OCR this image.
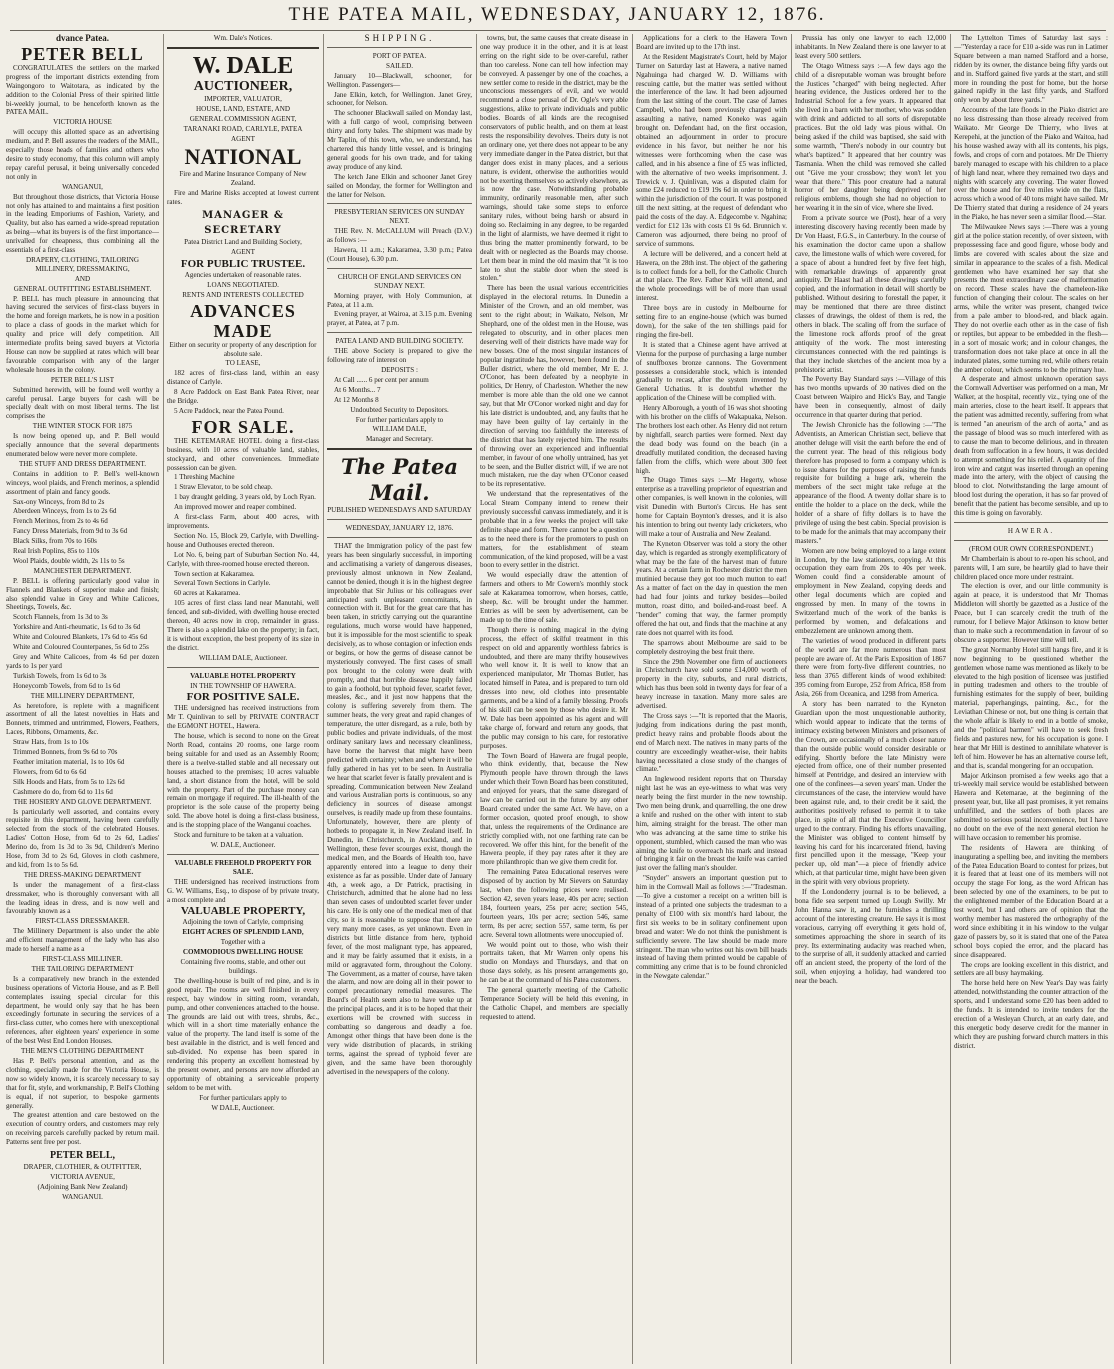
THE PATEA MAIL, WEDNESDAY, JANUARY 12, 1876.

dvance Patea.

PETER BELL

CONGRATULATES the settlers on the marked progress of the important districts extending from Waingongoro to Waitotara, as indicated by the addition to the Colonial Press of their spirited little bi-weekly journal, to be henceforth known as the PATEA MAIL.

VICTORIA HOUSE

will occupy this allotted space as an advertising medium, and P. Bell assures the readers of the MAIL, especially those heads of families and others who desire to study economy, that this column will amply repay careful perusal, it being universally conceded not only in

WANGANUI,

But throughout those districts, that Victoria House not only has attained to and maintains a first position in the leading Emporiums of Fashion, Variety, and Quality, but also has earned a wide-spread reputation as being—what its buyers is of the first importance—unrivalled for cheapness, thus combining all the essentials of a first-class

DRAPERY, CLOTHING, TAILORING MILLINERY, DRESSMAKING,

AND

GENERAL OUTFITTING ESTABLISHMENT.

P. BELL has much pleasure in announcing that having secured the services of first-class buyers in the home and foreign markets, he is now in a position to place a class of goods in the market which for quality and price will defy competition. All intermediate profits being saved buyers at Victoria House can now be supplied at rates which will bear favourable comparison with any of the larger wholesale houses in the colony.

PETER BELL'S LIST

Submitted herewith, will be found well worthy a careful perusal. Large buyers for cash will be specially dealt with on most liberal terms. The list comprises the

THE WINTER STOCK FOR 1875

Is now being opened up, and P. Bell would specially announce that the several departments enumerated below were never more complete.

THE STUFF AND DRESS DEPARTMENT.

Contains in addition to P. Bell's well-known winceys, wool plaids, and French merinos, a splendid assortment of plain and fancy goods.

Sax-ony Winceys, from 8d to 2s

Aberdeen Winceys, from 1s to 2s 6d

French Merinos, from 2s to 4s 6d

Fancy Dress Materials, from 9d to 3s 6d

Black Silks, from 70s to 160s

Real Irish Poplins, 85s to 110s

Wool Plaids, double width, 2s 11s to 5s

MANCHESTER DEPARTMENT.

P. BELL is offering particularly good value in Flannels and Blankets of superior make and finish; also splendid value in Grey and White Calicoes, Sheetings, Towels, &c.

Scotch Flannels, from 1s 3d to 3s

Yorkshire and Anti-rheumatic, 1s 6d to 3s 6d

White and Coloured Blankets, 17s 6d to 45s 6d

White and Coloured Counterpanes, 5s 6d to 25s

Grey and White Calicoes, from 4s 6d per dozen yards to 1s per yard

Turkish Towels, from 1s 6d to 3s

Honeycomb Towels, from 6d to 1s 6d

THE MILLINERY DEPARTMENT,

As heretofore, is replete with a magnificent assortment of all the latest novelties in Hats and Bonnets, trimmed and untrimmed, Flowers, Feathers, Laces, Ribbons, Ornaments, &c.

Straw Hats, from 1s to 10s

Trimmed Bonnets, from 9s 6d to 70s

Feather imitation material, 1s to 10s 6d

Flowers, from 6d to 6s 6d

Silk Hoods and Hats, from 5s to 12s 6d

Cashmere do do, from 6d to 11s 6d

THE HOSIERY AND GLOVE DEPARTMENT.

Is particularly well assorted, and contains every requisite in this department, having been carefully selected from the stock of the celebrated Houses. Ladies' Cotton Hose, from 6d to 2s 6d, Ladies' Merino do, from 1s 3d to 3s 9d, Children's Merino Hose, from 3d to 2s 6d, Gloves in cloth cashmere, and kid, from 1s to 5s 6d.

THE DRESS-MAKING DEPARTMENT

Is under the management of a first-class dressmaker, who is thoroughly conversant with all the leading ideas in dress, and is now well and favourably known as a

FIRST-CLASS DRESSMAKER.

The Millinery Department is also under the able and efficient management of the lady who has also made to herself a name as a

FIRST-CLASS MILLINER.

THE TAILORING DEPARTMENT

Is a comparatively new branch in the extended business operations of Victoria House, and as P. Bell contemplates issuing special circular for this department, he would only say that he has been exceedingly fortunate in securing the services of a first-class cutter, who comes here with unexceptional references, after eighteen years' experience in some of the best West End London Houses.

THE MEN'S CLOTHING DEPARTMENT

Has P. Bell's personal attention, and as the clothing, specially made for the Victoria House, is now so widely known, it is scarcely necessary to say that for fit, style, and workmanship, P. Bell's Clothing is equal, if not superior, to bespoke garments generally.

The greatest attention and care bestowed on the execution of country orders, and customers may rely on receiving parcels carefully packed by return mail. Patterns sent free per post.

PETER BELL,

DRAPER, CLOTHIER, & OUTFITTER,

VICTORIA AVENUE,

(Adjoining Bank New Zealand)

WANGANUI.

Wm. Dale's Notices.

W. DALE
AUCTIONEER,

IMPORTER, VALUATOR,

HOUSE, LAND, ESTATE, AND

GENERAL COMMISSION AGENT,

TARANAKI ROAD, CARLYLE, PATEA

AGENT

NATIONAL

Fire and Marine Insurance Company of New Zealand.

Fire and Marine Risks accepted at lowest current rates.

MANAGER & SECRETARY

Patea District Land and Building Society,

AGENT

FOR PUBLIC TRUSTEE.

Agencies undertaken of reasonable rates.

LOANS NEGOTIATED.

RENTS AND INTERESTS COLLECTED

ADVANCES MADE

Either on security or property of any description for absolute sale.

TO LEASE,

182 acres of first-class land, within an easy distance of Carlyle.

8 Acre Paddock on East Bank Patea River, near the Bridge.

5 Acre Paddock, near the Patea Pound.

FOR SALE.

THE KETEMARAE HOTEL doing a first-class business, with 10 acres of valuable land, stables, stockyard, and other conveniences. Immediate possession can be given.

1 Threshing Machine

1 Straw Elevator, to be sold cheap.

1 bay draught gelding, 3 years old, by Loch Ryan.

An improved mower and reaper combined.

A first-class Farm, about 400 acres, with improvements.

Section No. 15, Block 29, Carlyle, with Dwelling-house and Outhouses erected thereon.

Lot No. 6, being part of Suburban Section No. 44, Carlyle, with three-roomed house erected thereon.

Town section at Kakaramea.

Several Town Sections in Carlyle.

60 acres at Kakaramea.

105 acres of first class land near Manutahi, well fenced, and sub-divided, with dwelling house erected thereon, 40 acres now in crop, remainder in grass. There is also a splendid lake on the property; in fact, it is without exception, the best property of its size in the district.

WILLIAM DALE, Auctioneer.

VALUABLE HOTEL PROPERTY

IN THE TOWNSHIP OF HAWERA.

FOR POSITIVE SALE.

THE undersigned has received instructions from Mr T. Quinlivan to sell by PRIVATE CONTRACT the EGMONT HOTEL, Hawera.

The house, which is second to none on the Great North Road, contains 20 rooms, one large room being suitable for and used as an Assembly Room; there is a twelve-stalled stable and all necessary out houses attached to the premises; 10 acres valuable land, a short distance from the hotel, will be sold with the property. Part of the purchase money can remain on mortgage if required. The ill-health of the proprietor is the sole cause of the property being sold. The above hotel is doing a first-class business, and is the stopping place of the Wanganui coaches.

Stock and furniture to be taken at a valuation.

W. DALE, Auctioneer.

VALUABLE FREEHOLD PROPERTY FOR SALE.

THE undersigned has received instructions from G. W. Williams, Esq., to dispose of by private treaty, a most complete and

VALUABLE PROPERTY,

Adjoining the town of Carlyle, comprising

EIGHT ACRES OF SPLENDID LAND,

Together with a

COMMODIOUS DWELLING HOUSE

Containing five rooms, stable, and other out buildings.

The dwelling-house is built of red pine, and is in good repair. The rooms are well finished in every respect, bay window in sitting room, verandah, pump, and other conveniences attached to the house. The grounds are laid out with trees, shrubs, &c., which will in a short time materially enhance the value of the property. The land itself is some of the best available in the district, and is well fenced and sub-divided. No expense has been spared in rendering this property an excellent homestead by the present owner, and persons are now afforded an opportunity of obtaining a serviceable property seldom to be met with.

For further particulars apply to

W DALE, Auctioneer.

SHIPPING.

PORT OF PATEA.

SAILED.

January 10—Blackwall, schooner, for Wellington. Passengers—

Jane Elkin, ketch, for Wellington. Janet Grey, schooner, for Nelson.

The schooner Blackwall sailed on Monday last, with a full cargo of wool, comprising between thirty and forty bales. The shipment was made by Mr Taplin, of this town, who, we understand, has chartered this handy little vessel, and is bringing general goods for his own trade, and for taking away produce of any kind.

The ketch Jane Elkin and schooner Janet Grey sailed on Monday, the former for Wellington and the latter for Nelson.

PRESBYTERIAN SERVICES ON SUNDAY NEXT.

THE Rev. N. McCALLUM will Preach (D.V.) as follows :—

Hawera, 11 a.m.; Kakaramea, 3.30 p.m.; Patea (Court House), 6.30 p.m.

CHURCH OF ENGLAND SERVICES ON SUNDAY NEXT.

Morning prayer, with Holy Communion, at Patea, at 11 a.m.

Evening prayer, at Wairoa, at 3.15 p.m. Evening prayer, at Patea, at 7 p.m.

PATEA LAND AND BUILDING SOCIETY.

THE above Society is prepared to give the following rate of interest on

DEPOSITS :

At Call ...... 6 per cent per annum

At 6 Months... 7

At 12 Months 8

Undoubted Security to Depositors.

For further particulars apply to

WILLIAM DALE,

Manager and Secretary.

The Patea Mail.

PUBLISHED WEDNESDAYS AND SATURDAY

WEDNESDAY, JANUARY 12, 1876.

THAT the Immigration policy of the past few years has been singularly successful, in importing and acclimatising a variety of dangerous diseases, previously almost unknown in New Zealand, cannot be denied, though it is in the highest degree improbable that Sir Julius or his colleagues ever anticipated such unpleasant concomitants, in connection with it. But for the great care that has been taken, in strictly carrying out the quarantine regulations, much worse would have happened, but it is impossible for the most scientific to speak decisively, as to whose contagion or infection ends or begins, or how the germs of disease cannot be mysteriously conveyed. The first cases of small pox brought to the colony were dealt with promptly, and that horrible disease happily failed to gain a foothold, but typhoid fever, scarlet fever, measles, &c., and it just now happens that the colony is suffering severely from them. The summer heats, the very great and rapid changes of temperature, the utter disregard, as a rule, both by public bodies and private individuals, of the most ordinary sanitary laws and necessary cleanliness, have borne the harvest that might have been predicted with certainty; when and where it will be fully gathered in has yet to be seen. In Australia we hear that scarlet fever is fatally prevalent and is spreading. Communication between New Zealand and various Australian ports is continuous, so any deficiency in sources of disease amongst ourselves, is readily made up from these fountains. Unfortunately, however, there are plenty of hotbeds to propagate it, in New Zealand itself. In Dunedin, in Christchurch, in Auckland, and in Wellington, these fever scourges exist, though the medical men, and the Boards of Health too, have apparently entered into a league to deny their existence as far as possible. Under date of January 4th, a week ago, a Dr Patrick, practising in Christchurch, admitted that he alone had no less than seven cases of undoubted scarlet fever under his care. He is only one of the medical men of that city, so it is reasonable to suppose that there are very many more cases, as yet unknown. Even in districts but little distance from here, typhoid fever, of the most malignant type, has appeared, and it may be fairly assumed that it exists, in a mild or aggravated form, throughout the Colony. The Government, as a matter of course, have taken the alarm, and now are doing all in their power to compel precautionary remedial measures. The Board's of Health seem also to have woke up at the principal places, and it is to be hoped that their exertions will be crowned with success in combatting so dangerous and deadly a foe. Amongst other things that have been done is the very wide distribution of placards, in striking terms, against the spread of typhoid fever are given, and the same have been thoroughly advertised in the newspapers of the colony.

towns, but, the same causes that create disease in one way produce it in the other, and it is at least erring on the right side to be over-careful, rather than too careless. None can tell how infection may be conveyed. A passenger by one of the coaches, a new settler come to reside in the district, may be the unconscious messengers of evil, and we would recommend a close perusal of Dr. Ogle's very able suggestions, alike to private individuals and public bodies. Boards of all kinds are the recognised conservators of public health, and on them at least rests the responsibility devolves. Theirs duty is not an ordinary one, yet there does not appear to be any very immediate danger in the Patea district, but that danger does exist in many places, and a serious nature, is evident, otherwise the authorities would not be exerting themselves so actively elsewhere, as is now the case. Notwithstanding probable immunity, ordinarily reasonable men, after such warnings, should take some steps to enforce sanitary rules, without being harsh or absurd in doing so. Reclaiming in any degree, to be regarded in the light of alarmists, we have deemed it right to thus bring the matter prominently forward, to be dealt with or neglected as the Boards may choose. Let them bear in mind the old maxim that "it is too late to shut the stable door when the steed is stolen."

There has been the usual various eccentricities displayed in the electoral returns. In Dunedin a Minister of the Crown, and an old member, was sent to the right about; in Waikato, Nelson, Mr Shephard, one of the oldest men in the House, was relegated to obscurity, and in other places men deserving well of their districts have made way for new bosses. One of the most singular instances of popular ingratitude has, however, been found in the Buller district, where the old member, Mr E. J. O'Conor, has been defeated by a neophyte in politics, Dr Henry, of Charleston. Whether the new member is more able than the old one we cannot say, but that Mr O'Conor worked night and day for his late district is undoubted, and, any faults that he may have been guilty of lay certainly in the direction of serving too faithfully the interests of the district that has lately rejected him. The results of throwing over an experienced and influential member, in favour of one wholly untrained, has yet to be seen, and the Buller district will, if we are not much mistaken, rue the day when O'Conor ceased to be its representative.

We understand that the representatives of the Local Steam Company intend to renew their previously successful canvass immediately, and it is probable that in a few weeks the project will take definite shape and form. There cannot be a question as to the need there is for the promoters to push on matters, for the establishment of steam communication, of the kind proposed, will be a vast boon to every settler in the district.

We would especially draw the attention of farmers and others to Mr Cowern's monthly stock sale at Kakaramea tomorrow, when horses, cattle, sheep, &c. will be brought under the hammer. Entries as will be seen by advertisement, can be made up to the time of sale.

Though there is nothing magical in the dying process, the effect of skilful treatment in this respect on old and apparently worthless fabrics is undoubted, and there are many thrifty housewives who well know it. It is well to know that an experienced manipulator, Mr Thomas Butler, has located himself in Patea, and is prepared to turn old dresses into new, old clothes into presentable garments, and be a kind of a family blessing. Proofs of his skill can be seen by those who desire it. Mr W. Dale has been appointed as his agent and will take charge of, forward and return any goods, that the public may consign to his care, for restorative purposes.

The Town Board of Hawera are frugal people, who think evidently, that, because the New Plymouth people have thrown through the laws under which their Town Board has been constituted, and enjoyed for years, that the same disregard of law can be carried out in the future by any other Board created under the same Act. We have, on a former occasion, quoted proof enough, to show that, unless the requirements of the Ordinance are strictly complied with, not one farthing rate can be recovered. We offer this hint, for the benefit of the Hawera people, if they pay rates after it they are more philanthropic than we give them credit for.

The remaining Patea Educational reserves were disposed of by auction by Mr Sievers on Saturday last, when the following prices were realised. Section 42, seven years lease, 40s per acre; section 184, fourteen years, 25s per acre; section 545, fourteen years, 10s per acre; section 546, same term, 8s per acre; section 557, same term, 6s per acre. Several town allotments were unoccupied of.

We would point out to those, who wish their portraits taken, that Mr Warren only opens his studio on Mondays and Thursdays, and that on those days solely, as his present arrangements go, he can be at the command of his Patea customers.

The general quarterly meeting of the Catholic Temperance Society will be held this evening, in the Catholic Chapel, and members are specially requested to attend.

Applications for a clerk to the Hawera Town Board are invited up to the 17th inst.

At the Resident Magistrate's Court, held by Major Turner on Saturday last at Hawera, a native named Ngahuinga had charged W. D. Williams with rescuing cattle, but the matter was settled without the interference of the law. It had been adjourned from the last sitting of the court. The case of James Campbell, who had been previously charged with assaulting a native, named Koneko was again brought on. Defendant had, on the first occasion, obtained an adjournment in order to procure evidence in his favor, but neither he nor his witnesses were forthcoming when the case was called, and in his absence a fine of £5 was inflicted, with the alternative of two weeks imprisonment. J. Trewick v. J. Quinlivan, was a disputed claim for some £24 reduced to £19 19s 6d in order to bring it within the jurisdiction of the court. It was postponed till the next sitting, at the request of defendant who paid the costs of the day. A. Edgecombe v. Ngahina; verdict for £12 13s with costs £1 9s 6d. Brunnich v. Cameron was adjourned, there being no proof of service of summons.

A lecture will be delivered, and a concert held at Hawera, on the 28th inst. The object of the gathering is to collect funds for a bell, for the Catholic Church at that place. The Rev. Father Kirk will attend, and the whole proceedings will be of more than usual interest.

Three boys are in custody in Melbourne for setting fire to an engine-house (which was burned down), for the sake of the ten shillings paid for ringing the fire-bell.

It is stated that a Chinese agent have arrived at Vienna for the purpose of purchasing a large number of snuffboxes bronze cannons. The Government possesses a considerable stock, which is intended gradually to recast, after the system invented by General Uchatius. It is doubtful whether the application of the Chinese will be complied with.

Henry Alborough, a youth of 16 was shot shooting with his brother on the cliffs of Wakapuaka, Nelson. The brothers lost each other. As Henry did not return by nightfall, search parties were formed. Next day the dead body was found on the beach (in a dreadfully mutilated condition, the deceased having fallen from the cliffs, which were about 300 feet high.

The Otago Times says :—Mr Hegerty, whose enterprise as a travelling proprietor of equestrian and other companies, is well known in the colonies, will visit Dunedin with Burton's Circus. He has sent home for Captain Boynton's dresses, and it is also his intention to bring out twenty lady cricketers, who will make a tour of Australia and New Zealand.

The Kyneton Observer was told a story the other day, which is regarded as strongly exemplificatory of what may be the fate of the harvest man of future years. At a certain farm in Rochester district the men mutinied because they got too much mutton to eat! As a matter of fact on the day in question the men had had four joints and turkey besides—boiled mutton, roast ditto, and boiled-and-roast beef. A "hender" coming that way, the farmer promptly offered the hat out, and finds that the machine at any rate does not quarrel with its food.

The sparrows about Melbourne are said to be completely destroying the best fruit there.

Since the 29th November one firm of auctioneers in Christchurch have sold some £14,000 worth of property in the city, suburbs, and rural districts, which has thus been sold in twenty days for fear of a heavy increase in taxation. Many more sales are advertised.

The Cross says :—"It is reported that the Maoris, judging from indications during the past month, predict heavy rains and probable floods about the end of March next. The natives in many parts of the country are exceedingly weather-wise, their habits having necessitated a close study of the changes of climate."

An Inglewood resident reports that on Thursday night last he was an eye-witness to what was very nearly being the first murder in the new township. Two men being drunk, and quarrelling, the one drew a knife and rushed on the other with intent to stab him, aiming straight for the breast. The other man who was advancing at the same time to strike his opponent, stumbled, which caused the man who was aiming the knife to overreach his mark and instead of bringing it fair on the breast the knife was carried just over the falling man's shoulder.

"Snyder" answers an important question put to him in the Cornwall Mail as follows :—"Tradesman.—To give a customer a receipt on a written bill is instead of a printed one subjects the tradesman to a penalty of £100 with six month's hard labour, the first six weeks to be in solitary confinement upon bread and water: We do not think the punishment is sufficiently severe. The law should be made more stringent. The man who writes out his own bill heads instead of having them printed would be capable of committing any crime that is to be found chronicled in the Newgate calendar."

Prussia has only one lawyer to each 12,000 inhabitants. In New Zealand there is one lawyer to at least every 500 settlers.

The Otago Witness says :—A few days ago the child of a disreputable woman was brought before the Justices "charged" with being neglected. After hearing evidence, the Justices ordered her to the Industrial School for a few years. It appeared that she lived in a barn with her mother, who was sodden with drink and addicted to all sorts of disreputable practices. But the old lady was pious withal. On being asked if the child was baptised, she said with some warmth, "There's nobody in our country but what's baptized." It appeared that her country was Tasmania. When the child was removed she called out "Give me your crossbow; they won't let you wear that there." This poor creature had a natural horror of her daughter being deprived of her religious emblems, though she had no objection to her wearing it in the sin of vice, where she lived.

From a private source we (Post), hear of a very interesting discovery having recently been made by Dr Von Haast, F.G.S., in Canterbury. In the course of his examination the doctor came upon a shallow cave, the limestone walls of which were covered, for a space of about a hundred feet by five feet high, with remarkable drawings of apparently great antiquity. Dr Haast had all these drawings carefully copied, and the information in detail will shortly be published. Without desiring to forestall the paper, it may be mentioned that there are three distinct classes of drawings, the oldest of them is red, the others in black. The scaling off from the surface of the limestone rock affords proof of the great antiquity of the work. The most interesting circumstances connected with the red paintings is that they include sketches of the ancient moa by a prehistoric artist.

The Poverty Bay Standard says :—Village of this has two months upwards of 30 natives died on the Coast between Waipiro and Hick's Bay, and Tangie have been in consequently, almost of daily occurrence in that quarter during that period.

The Jewish Chronicle has the following :—"The Adventists, an American Christian sect, believe that another deluge will visit the earth before the end of the current year. The head of this religious body therefore has proposed to form a company which is to issue shares for the purposes of raising the funds requisite for building a huge ark, wherein the members of the sect might take refuge at the appearance of the flood. A twenty dollar share is to entitle the holder to a place on the deck, while the holder of a share of fifty dollars is to have the privilege of using the best cabin. Special provision is to be made for the animals that may accompany their masters."

Women are now being employed to a large extent in London, by the law stationers, copying. At this occupation they earn from 20s to 40s per week. Women could find a considerable amount of employment in New Zealand, copying deeds and other legal documents which are copied and engrossed by men. In many of the towns in Switzerland much of the work of the banks is performed by women, and defalcations and embezzlement are unknown among them.

The varieties of wood produced in different parts of the world are far more numerous than most people are aware of. At the Paris Exposition of 1867 there were from forty-five different countries, no less than 3765 different kinds of wood exhibited: 395 coming from Europe, 252 from Africa, 858 from Asia, 266 from Oceanica, and 1298 from America.

A story has been narrated to the Kyneton Guardian upon the most unquestionable authority, which would appear to indicate that the terms of intimacy existing between Ministers and prisoners of the Crown, are occasionally of a much closer nature than the outside public would consider desirable or edifying. Shortly before the late Ministry were ejected from office, one of their number presented himself at Pentridge, and desired an interview with one of the confinees—a seven years' man. Under the circumstances of the case, the interview would have been against rule, and, to their credit be it said, the authorities positively refused to permit it to take place, in spite of all that the Executive Councillor urged to the contrary. Finding his efforts unavailing, the Minister was obliged to content himself by leaving his card for his incarcerated friend, having first pencilled upon it the message, "Keep your pecker up, old man"—a piece of friendly advice which, at that particular time, might have been given in the spirit with very obvious propriety.

If the Londonderry journal is to be believed, a bona fide sea serpent turned up Lough Swilly. Mr John Hanna saw it, and he furnishes a thrilling account of the interesting creature. He says it is most voracious, carrying off everything it gets hold of, sometimes approaching the shore in search of its prey. Its exterminating audacity was reached when, to the surprise of all, it suddenly attacked and carried off an ancient steed, the property of the lord of the soil, when enjoying a holiday, had wandered too near the beach.

The Lyttelton Times of Saturday last says :—"Yesterday a race for £10 a-side was run in Latimer Square between a man named Stafford and a horse, ridden by its owner, the distance being fifty yards out and in. Stafford gained five yards at the start, and still more in rounding the post for home, but the horse gained rapidly in the last fifty yards, and Stafford only won by about three yards."

Accounts of the late floods in the Piako district are no less distressing than those already received from Waikato. Mr George De Thierry, who lives at Kerepehi, at the junction of the Piako and Waitoa, had his house washed away with all its contents, his pigs, fowls, and crops of corn and potatoes. Mr De Thierry barely managed to escape with his children to a place of high land near, where they remained two days and nights with scarcely any covering. The water flowed over the house and for five miles wide on the flats, across which a wood of 40 tons might have sailed. Mr De Thierry stated that during a residence of 24 years in the Piako, he has never seen a similar flood.—Star.

The Milwaukee News says :—There was a young girl at the police station recently, of over sixteen, with prepossessing face and good figure, whose body and limbs are covered with scales about the size and similar in appearance to the scales of a fish. Medical gentlemen who have examined her say that she presents the most extraordinary case of malformation on record. These scales have the chameleon-like function of changing their colour. The scales on her arms, while the writer was present, changed twice from a pale amber to blood-red, and black again. They do not overlie each other as in the case of fish or reptiles, but appear to be embedded in the flesh—in a sort of mosaic work; and in colour changes, the transformation does not take place at once in all the indurated plates, some turning red, while others retain the amber colour, which seems to be the primary hue.

A desperate and almost unknown operation says the Cornwall Advertiser was performed on a man, Mr Walker, at the hospital, recently viz., tying one of the main arteries, close to the heart itself. It appears that the patient was admitted recently, suffering from what is termed "an aneurism of the arch of aorta," and as the passage of blood was so much interfered with as to cause the man to become delirious, and in threaten death from suffocation in a few hours, it was decided to attempt something for his relief. A quantity of fine iron wire and catgut was inserted through an opening made into the artery, with the object of causing the blood to clot. Notwithstanding the large amount of blood lost during the operation, it has so far proved of benefit that the patient has become sensible, and up to this time is going on favorably.

HAWERA.

(FROM OUR OWN CORRESPONDENT.)

Mr Chamberlain is about to re-open his school, and parents will, I am sure, be heartily glad to have their children placed once more under restraint.

The election is over, and our little community is again at peace, it is understood that Mr Thomas Middleton will shortly be gazetted as a Justice of the Peace, but I can scarcely credit the truth of the rumour, for I believe Major Atkinson to know better than to make such a recommendation in favour of so obscure a supporter. However time will tell.

The great Normanby Hotel still hangs fire, and it is now beginning to be questioned whether the gentlemen whose name was mentioned as likely to be elevated to the high position of licensee was justified in putting tradesmen and others to the trouble of furnishing estimates for the supply of beer, building material, paperhangings, painting, &c., for the Leviathan Chinese or not, but one thing is certain that the whole affair is likely to end in a bottle of smoke, and the "political barmen" will have to seek fresh fields and pastures new, for his occupation is gone. I hear that Mr Hill is destined to annihilate whatever is left of him. However he has an alternative course left, and that is, scandal mongering for an occupation.

Major Atkinson promised a few weeks ago that a tri-weekly mail service would be established between Hawera and Ketemarae, at the beginning of the present year, but, like all past promises, it yet remains unfulfilled, and the settlers of both places are submitted to serious postal inconvenience, but I have no doubt on the eve of the next general election he will have occasion to remember his promise.

The residents of Hawera are thinking of inaugurating a spelling bee, and inviting the members of the Patea Education Board to contest for prizes, but it is feared that at least one of its members will not occupy the stage For long, as the word African has been selected by one of the examiners, to be put to the enlightened member of the Education Board at a test word, but I and others are of opinion that the worthy member has mastered the orthography of the word since exhibiting it in his window to the vulgar gaze of passers by, so it is stated that one of the Patea school boys copied the error, and the placard has since disappeared.

The crops are looking excellent in this district, and settlers are all busy haymaking.

The horse held here on New Year's Day was fairly attended, notwithstanding the counter attraction of the sports, and I understand some £20 has been added to the funds. It is intended to invite tenders for the erection of a Wesleyan Church, at an early date, and this energetic body deserve credit for the manner in which they are pushing forward church matters in this district.
